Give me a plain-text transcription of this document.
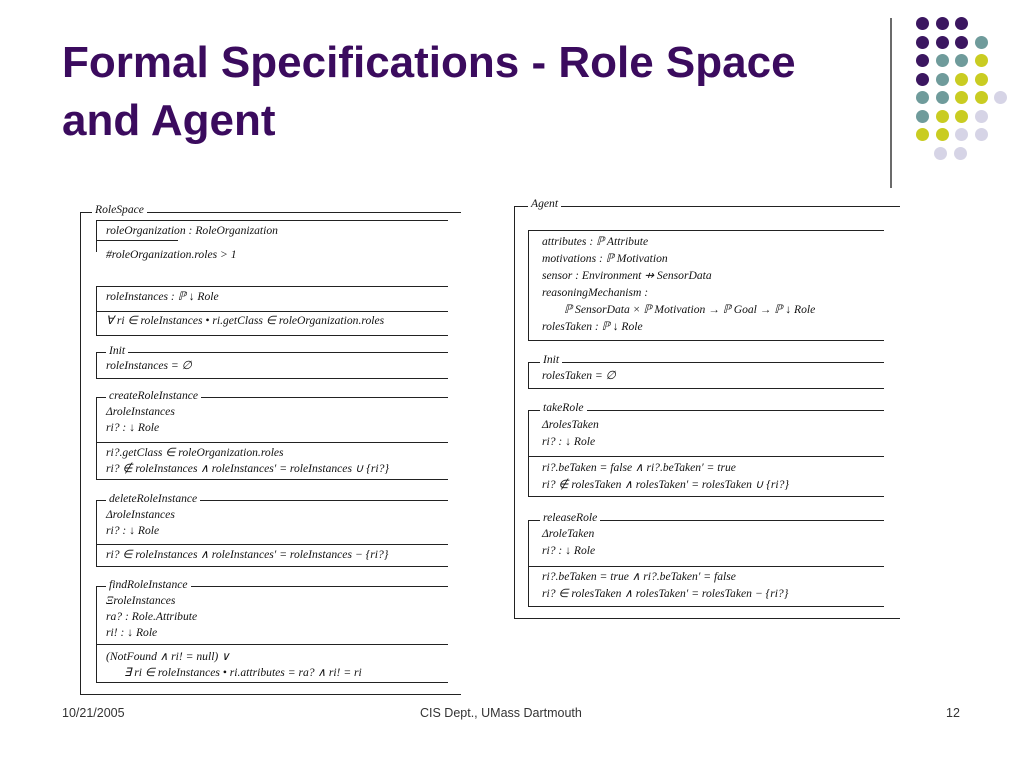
Formal Specifications - Role Space and Agent
RoleSpace
roleOrganization : RoleOrganization
#roleOrganization.roles > 1
roleInstances : ℙ ↓ Role
∀ ri ∈ roleInstances • ri.getClass ∈ roleOrganization.roles
Init
roleInstances = ∅
createRoleInstance
ΔroleInstances
ri? : ↓ Role
ri?.getClass ∈ roleOrganization.roles
ri? ∉ roleInstances ∧ roleInstances′ = roleInstances ∪ {ri?}
deleteRoleInstance
ΔroleInstances
ri? : ↓ Role
ri? ∈ roleInstances ∧ roleInstances′ = roleInstances − {ri?}
findRoleInstance
ΞroleInstances
ra? : Role.Attribute
ri! : ↓ Role
(NotFound ∧ ri! = null) ∨
∃ ri ∈ roleInstances • ri.attributes = ra? ∧ ri! = ri
Agent
attributes : ℙ Attribute
motivations : ℙ Motivation
sensor : Environment ⇸ SensorData
reasoningMechanism :
ℙ SensorData × ℙ Motivation → ℙ Goal → ℙ ↓ Role
rolesTaken : ℙ ↓ Role
Init
rolesTaken = ∅
takeRole
ΔrolesTaken
ri? : ↓ Role
ri?.beTaken = false ∧ ri?.beTaken′ = true
ri? ∉ rolesTaken ∧ rolesTaken′ = rolesTaken ∪ {ri?}
releaseRole
ΔroleTaken
ri? : ↓ Role
ri?.beTaken = true ∧ ri?.beTaken′ = false
ri? ∈ rolesTaken ∧ rolesTaken′ = rolesTaken − {ri?}
10/21/2005	CIS Dept., UMass Dartmouth	12
